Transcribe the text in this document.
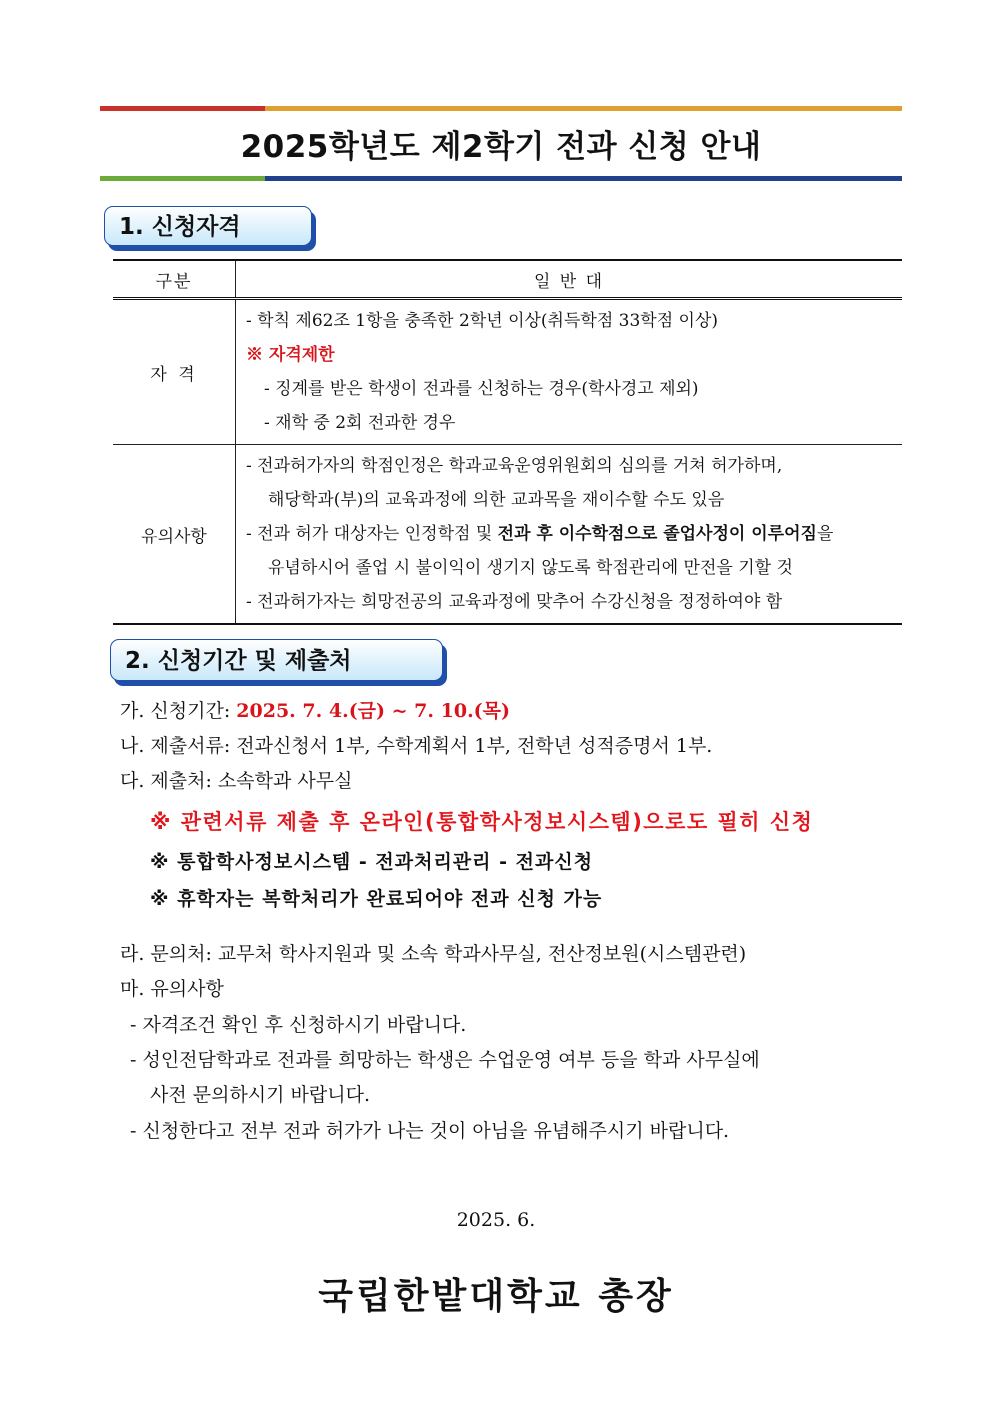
2025학년도 제2학기 전과 신청 안내
1. 신청자격
구분	일 반 대
자 격	- 학칙 제62조 1항을 충족한 2학년 이상(취득학점 33학점 이상)
※ 자격제한
- 징계를 받은 학생이 전과를 신청하는 경우(학사경고 제외)
- 재학 중 2회 전과한 경우

유의사항	- 전과허가자의 학점인정은 학과교육운영위원회의 심의를 거쳐 허가하며,
해당학과(부)의 교육과정에 의한 교과목을 재이수할 수도 있음
- 전과 허가 대상자는 인정학점 및 전과 후 이수학점으로 졸업사정이 이루어짐을
유념하시어 졸업 시 불이익이 생기지 않도록 학점관리에 만전을 기할 것
- 전과허가자는 희망전공의 교육과정에 맞추어 수강신청을 정정하여야 함
2. 신청기간 및 제출처
가. 신청기간: 2025. 7. 4.(금) ~ 7. 10.(목)
나. 제출서류: 전과신청서 1부, 수학계획서 1부, 전학년 성적증명서 1부.
다. 제출처: 소속학과 사무실
※ 관련서류 제출 후 온라인(통합학사정보시스템)으로도 필히 신청
※ 통합학사정보시스템 - 전과처리관리 - 전과신청
※ 휴학자는 복학처리가 완료되어야 전과 신청 가능
라. 문의처: 교무처 학사지원과 및 소속 학과사무실, 전산정보원(시스템관련)
마. 유의사항
- 자격조건 확인 후 신청하시기 바랍니다.
- 성인전담학과로 전과를 희망하는 학생은 수업운영 여부 등을 학과 사무실에
사전 문의하시기 바랍니다.
- 신청한다고 전부 전과 허가가 나는 것이 아님을 유념해주시기 바랍니다.
2025. 6.
국립한밭대학교 총장
